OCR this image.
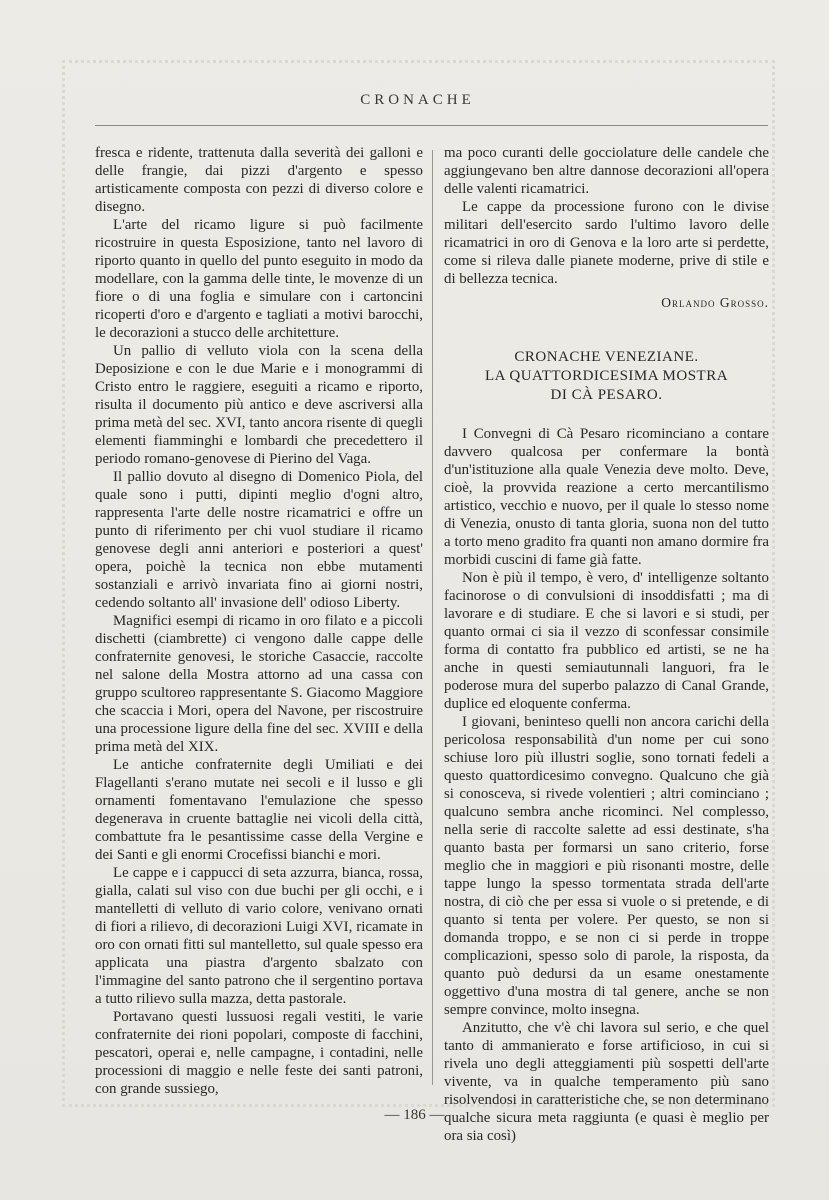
CRONACHE

fresca e ridente, trattenuta dalla severità dei galloni e delle frangie, dai pizzi d'argento e spesso artisticamente composta con pezzi di diverso colore e disegno.

L'arte del ricamo ligure si può facilmente ricostruire in questa Esposizione, tanto nel lavoro di riporto quanto in quello del punto eseguito in modo da modellare, con la gamma delle tinte, le movenze di un fiore o di una foglia e simulare con i cartoncini ricoperti d'oro e d'argento e tagliati a motivi barocchi, le decorazioni a stucco delle architetture.

Un pallio di velluto viola con la scena della Deposizione e con le due Marie e i monogrammi di Cristo entro le raggiere, eseguiti a ricamo e riporto, risulta il documento più antico e deve ascriversi alla prima metà del sec. XVI, tanto ancora risente di quegli elementi fiamminghi e lombardi che precedettero il periodo romano-genovese di Pierino del Vaga.

Il pallio dovuto al disegno di Domenico Piola, del quale sono i putti, dipinti meglio d'ogni altro, rappresenta l'arte delle nostre ricamatrici e offre un punto di riferimento per chi vuol studiare il ricamo genovese degli anni anteriori e posteriori a quest' opera, poichè la tecnica non ebbe mutamenti sostanziali e arrivò invariata fino ai giorni nostri, cedendo soltanto all' invasione dell' odioso Liberty.

Magnifici esempi di ricamo in oro filato e a piccoli dischetti (ciambrette) ci vengono dalle cappe delle confraternite genovesi, le storiche Casaccie, raccolte nel salone della Mostra attorno ad una cassa con gruppo scultoreo rappresentante S. Giacomo Maggiore che scaccia i Mori, opera del Navone, per riscostruire una processione ligure della fine del sec. XVIII e della prima metà del XIX.

Le antiche confraternite degli Umiliati e dei Flagellanti s'erano mutate nei secoli e il lusso e gli ornamenti fomentavano l'emulazione che spesso degenerava in cruente battaglie nei vicoli della città, combattute fra le pesantissime casse della Vergine e dei Santi e gli enormi Crocefissi bianchi e mori.

Le cappe e i cappucci di seta azzurra, bianca, rossa, gialla, calati sul viso con due buchi per gli occhi, e i mantelletti di velluto di vario colore, venivano ornati di fiori a rilievo, di decorazioni Luigi XVI, ricamate in oro con ornati fitti sul mantelletto, sul quale spesso era applicata una piastra d'argento sbalzato con l'immagine del santo patrono che il sergentino portava a tutto rilievo sulla mazza, detta pastorale.

Portavano questi lussuosi regali vestiti, le varie confraternite dei rioni popolari, composte di facchini, pescatori, operai e, nelle campagne, i contadini, nelle processioni di maggio e nelle feste dei santi patroni, con grande sussiego,

ma poco curanti delle gocciolature delle candele che aggiungevano ben altre dannose decorazioni all'opera delle valenti ricamatrici.

Le cappe da processione furono con le divise militari dell'esercito sardo l'ultimo lavoro delle ricamatrici in oro di Genova e la loro arte si perdette, come si rileva dalle pianete moderne, prive di stile e di bellezza tecnica.

Orlando Grosso.
CRONACHE VENEZIANE.
LA QUATTORDICESIMA MOSTRA
DI CÀ PESARO.

I Convegni di Cà Pesaro ricominciano a contare davvero qualcosa per confermare la bontà d'un'istituzione alla quale Venezia deve molto. Deve, cioè, la provvida reazione a certo mercantilismo artistico, vecchio e nuovo, per il quale lo stesso nome di Venezia, onusto di tanta gloria, suona non del tutto a torto meno gradito fra quanti non amano dormire fra morbidi cuscini di fame già fatte.

Non è più il tempo, è vero, d' intelligenze soltanto facinorose o di convulsioni di insoddisfatti ; ma di lavorare e di studiare. E che si lavori e si studi, per quanto ormai ci sia il vezzo di sconfessar consimile forma di contatto fra pubblico ed artisti, se ne ha anche in questi semiautunnali languori, fra le poderose mura del superbo palazzo di Canal Grande, duplice ed eloquente conferma.

I giovani, beninteso quelli non ancora carichi della pericolosa responsabilità d'un nome per cui sono schiuse loro più illustri soglie, sono tornati fedeli a questo quattordicesimo convegno. Qualcuno che già si conosceva, si rivede volentieri ; altri cominciano ; qualcuno sembra anche ricominci. Nel complesso, nella serie di raccolte salette ad essi destinate, s'ha quanto basta per formarsi un sano criterio, forse meglio che in maggiori e più risonanti mostre, delle tappe lungo la spesso tormentata strada dell'arte nostra, di ciò che per essa si vuole o si pretende, e di quanto si tenta per volere. Per questo, se non si domanda troppo, e se non ci si perde in troppe complicazioni, spesso solo di parole, la risposta, da quanto può dedursi da un esame onestamente oggettivo d'una mostra di tal genere, anche se non sempre convince, molto insegna.

Anzitutto, che v'è chi lavora sul serio, e che quel tanto di ammanierato e forse artificioso, in cui si rivela uno degli atteggiamenti più sospetti dell'arte vivente, va in qualche temperamento più sano risolvendosi in caratteristiche che, se non determinano qualche sicura meta raggiunta (e quasi è meglio per ora sia così)

— 186 —
